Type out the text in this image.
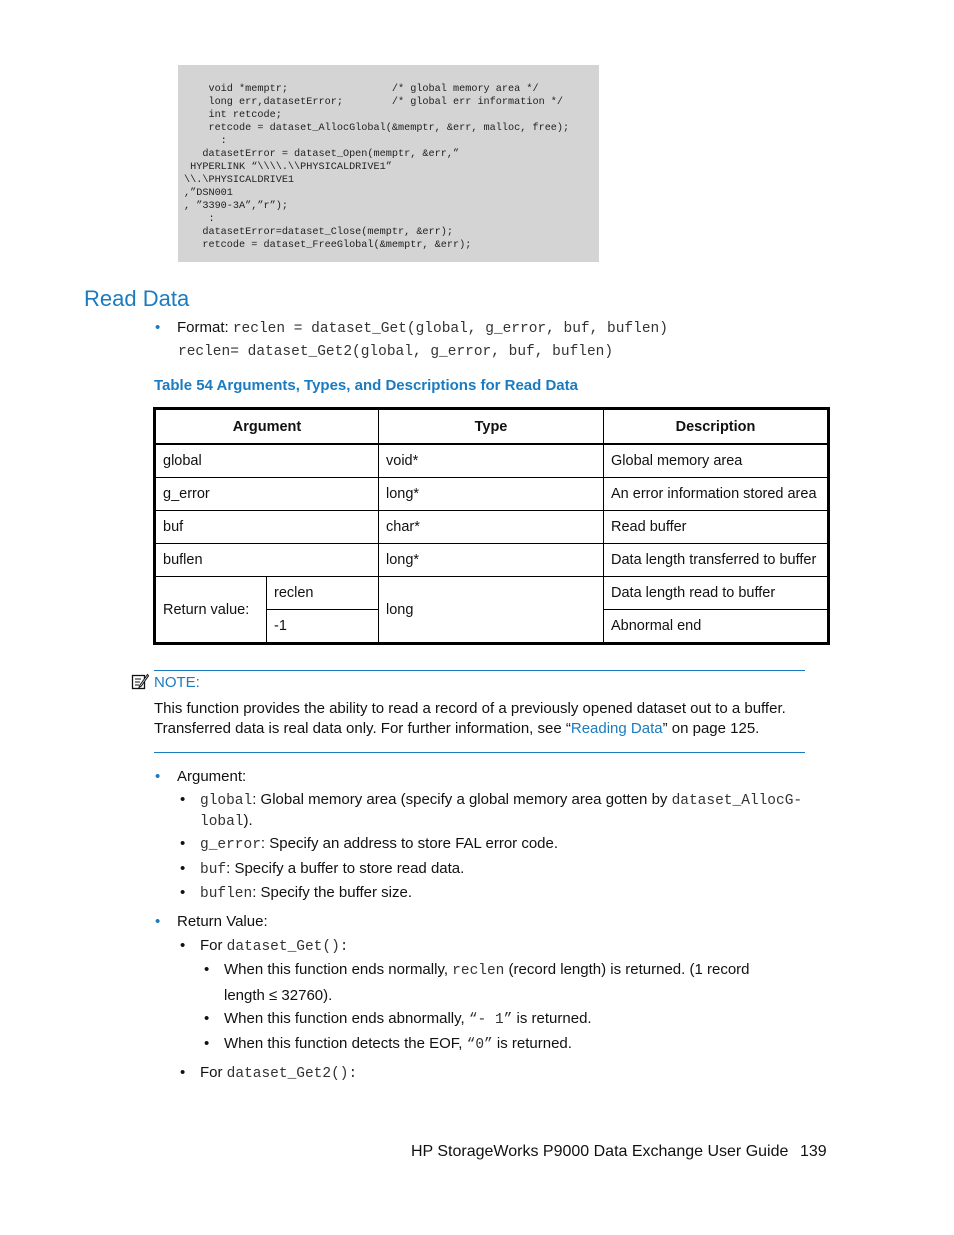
void *memptr;                 /* global memory area */
long err,datasetError;        /* global err information */
int retcode;
retcode = dataset_AllocGlobal(&memptr, &err, malloc, free);
:
datasetError = dataset_Open(memptr, &err,”
HYPERLINK “\\\\.\\PHYSICALDRIVE1”
\\.\PHYSICALDRIVE1
,”DSN001
, ”3390-3A”,”r”);
:
datasetError=dataset_Close(memptr, &err);
retcode = dataset_FreeGlobal(&memptr, &err);
Read Data
• Format: reclen = dataset_Get(global, g_error, buf, buflen)
reclen= dataset_Get2(global, g_error, buf, buflen)
Table 54 Arguments, Types, and Descriptions for Read Data
Argument		Type	Description
global		void*	Global memory area
g_error		long*	An error information stored area
buf		char*	Read buffer
buflen		long*	Data length transferred to buffer
Return value:	reclen	long	Data length read to buffer
	-1		Abnormal end
NOTE:
This function provides the ability to read a record of a previously opened dataset out to a buffer. Transferred data is real data only. For further information, see “Reading Data” on page 125.
• Argument:
• global: Global memory area (specify a global memory area gotten by dataset_AllocG-
lobal).
• g_error: Specify an address to store FAL error code.
• buf: Specify a buffer to store read data.
• buflen: Specify the buffer size.
• Return Value:
• For dataset_Get():
• When this function ends normally, reclen (record length) is returned. (1 record
length ≤ 32760).
• When this function ends abnormally, “- 1” is returned.
• When this function detects the EOF, “0” is returned.
• For dataset_Get2():
HP StorageWorks P9000 Data Exchange User Guide 139
